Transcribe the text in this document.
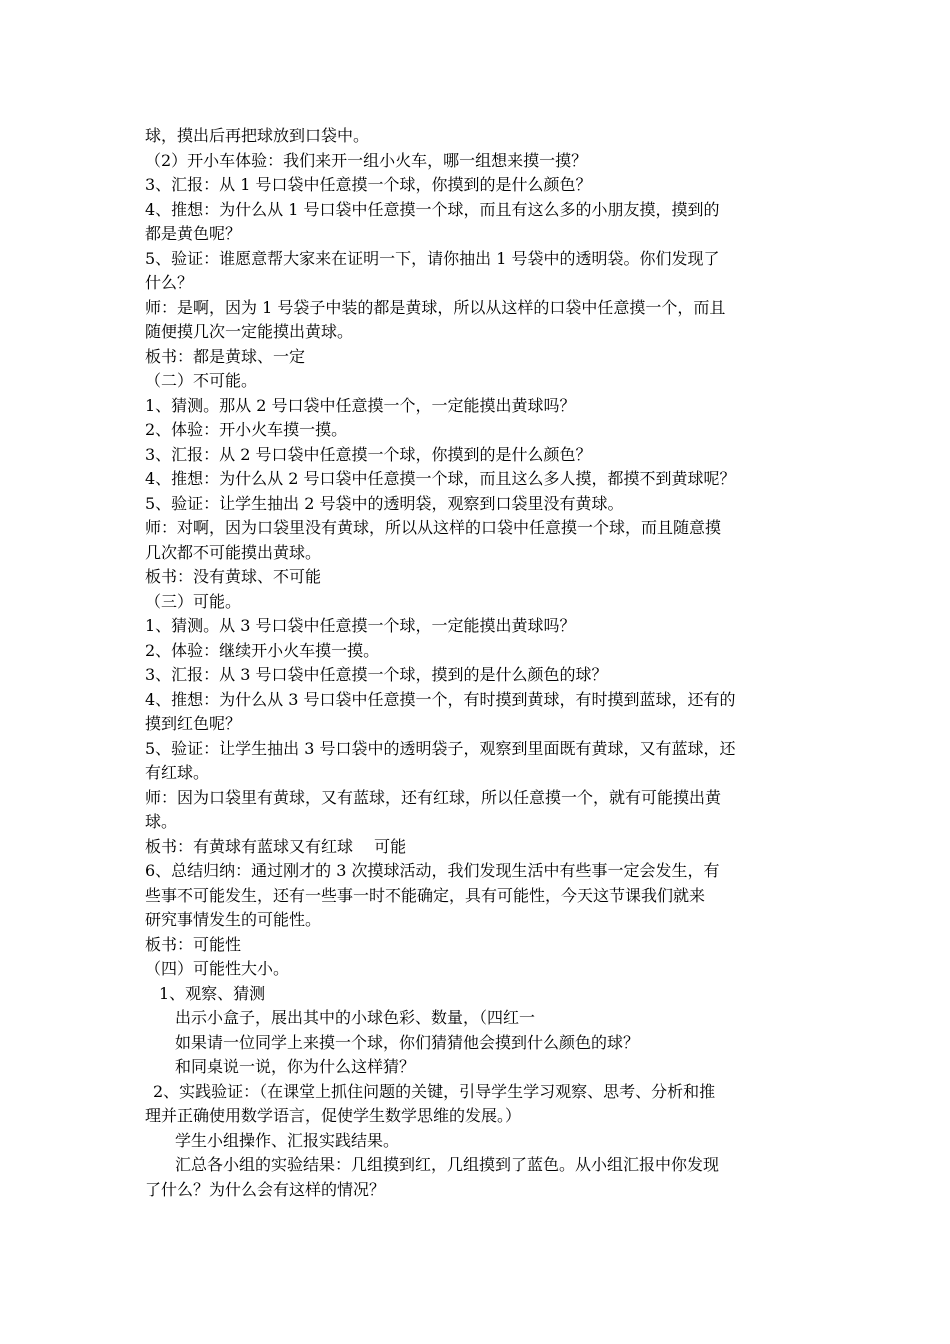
球，摸出后再把球放到口袋中。
（2）开小车体验：我们来开一组小火车，哪一组想来摸一摸？
3、汇报：从 1 号口袋中任意摸一个球，你摸到的是什么颜色？
4、推想：为什么从 1 号口袋中任意摸一个球，而且有这么多的小朋友摸，摸到的
都是黄色呢？
5、验证：谁愿意帮大家来在证明一下，请你抽出 1 号袋中的透明袋。你们发现了
什么？
师：是啊，因为 1 号袋子中装的都是黄球，所以从这样的口袋中任意摸一个，而且
随便摸几次一定能摸出黄球。
板书：都是黄球、一定
（二）不可能。
1、猜测。那从 2 号口袋中任意摸一个，一定能摸出黄球吗？
2、体验：开小火车摸一摸。
3、汇报：从 2 号口袋中任意摸一个球，你摸到的是什么颜色？
4、推想：为什么从 2 号口袋中任意摸一个球，而且这么多人摸，都摸不到黄球呢？
5、验证：让学生抽出 2 号袋中的透明袋，观察到口袋里没有黄球。
师：对啊，因为口袋里没有黄球，所以从这样的口袋中任意摸一个球，而且随意摸
几次都不可能摸出黄球。
板书：没有黄球、不可能
（三）可能。
1、猜测。从 3 号口袋中任意摸一个球，一定能摸出黄球吗？
2、体验：继续开小火车摸一摸。
3、汇报：从 3 号口袋中任意摸一个球，摸到的是什么颜色的球？
4、推想：为什么从 3 号口袋中任意摸一个，有时摸到黄球，有时摸到蓝球，还有的
摸到红色呢？
5、验证：让学生抽出 3 号口袋中的透明袋子，观察到里面既有黄球，又有蓝球，还
有红球。
师：因为口袋里有黄球，又有蓝球，还有红球，所以任意摸一个，就有可能摸出黄
球。
板书：有黄球有蓝球又有红球　 可能
6、总结归纳：通过刚才的 3 次摸球活动，我们发现生活中有些事一定会发生，有
些事不可能发生，还有一些事一时不能确定，具有可能性，今天这节课我们就来
研究事情发生的可能性。
板书：可能性
（四）可能性大小。
1、观察、猜测
出示小盒子，展出其中的小球色彩、数量，（四红一
如果请一位同学上来摸一个球，你们猜猜他会摸到什么颜色的球？
和同桌说一说，你为什么这样猜？
2、实践验证：（在课堂上抓住问题的关键，引导学生学习观察、思考、分析和推
理并正确使用数学语言，促使学生数学思维的发展。）
学生小组操作、汇报实践结果。
汇总各小组的实验结果：几组摸到红，几组摸到了蓝色。从小组汇报中你发现
了什么？为什么会有这样的情况？
